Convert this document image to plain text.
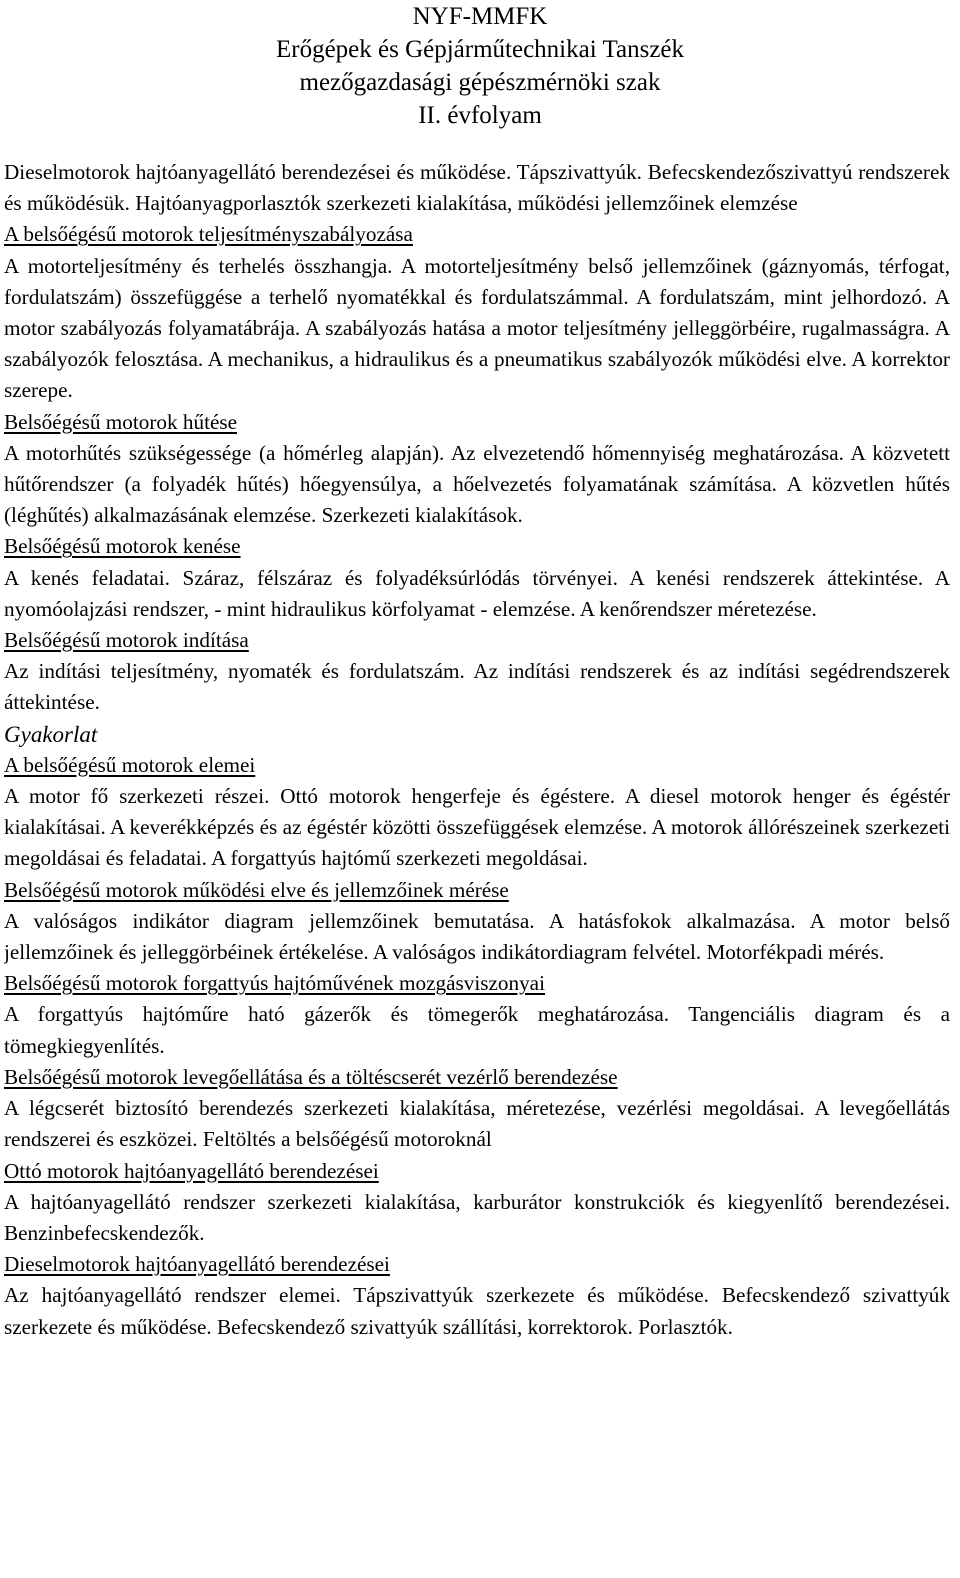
NYF-MMFK
Erőgépek és Gépjárműtechnikai Tanszék
mezőgazdasági gépészmérnöki szak
II. évfolyam
Dieselmotorok hajtóanyagellátó berendezései és működése. Tápszivattyúk. Befecskendezőszivattyú rendszerek és működésük. Hajtóanyagporlasztók szerkezeti kialakítása, működési jellemzőinek elemzése
A belsőégésű motorok teljesítményszabályozása
A motorteljesítmény és terhelés összhangja. A motorteljesítmény belső jellemzőinek (gáznyomás, térfogat, fordulatszám) összefüggése a terhelő nyomatékkal és fordulatszámmal. A fordulatszám, mint jelhordozó. A motor szabályozás folyamatábrája. A szabályozás hatása a motor teljesítmény jelleggörbéire, rugalmasságra. A szabályozók felosztása. A mechanikus, a hidraulikus és a pneumatikus szabályozók működési elve. A korrektor szerepe.
Belsőégésű motorok hűtése
A motorhűtés szükségessége (a hőmérleg alapján). Az elvezetendő hőmennyiség meghatározása. A közvetett hűtőrendszer (a folyadék hűtés) hőegyensúlya, a hőelvezetés folyamatának számítása. A közvetlen hűtés (léghűtés) alkalmazásának elemzése. Szerkezeti kialakítások.
Belsőégésű motorok kenése
A kenés feladatai. Száraz, félszáraz és folyadéksúrlódás törvényei. A kenési rendszerek áttekintése. A nyomóolajzási rendszer, - mint hidraulikus körfolyamat - elemzése. A kenőrendszer méretezése.
Belsőégésű motorok indítása
Az indítási teljesítmény, nyomaték és fordulatszám. Az indítási rendszerek és az indítási segédrendszerek áttekintése.
Gyakorlat
A belsőégésű motorok elemei
A motor fő szerkezeti részei. Ottó motorok hengerfeje és égéstere. A diesel motorok henger és égéstér kialakításai. A keverékképzés és az égéstér közötti összefüggések elemzése. A motorok állórészeinek szerkezeti megoldásai és feladatai. A forgattyús hajtómű szerkezeti megoldásai.
Belsőégésű motorok működési elve és jellemzőinek mérése
A valóságos indikátor diagram jellemzőinek bemutatása. A hatásfokok alkalmazása. A motor belső jellemzőinek és jelleggörbéinek értékelése. A valóságos indikátordiagram felvétel. Motorfékpadi mérés.
Belsőégésű motorok forgattyús hajtóművének mozgásviszonyai
A forgattyús hajtóműre ható gázerők és tömegerők meghatározása. Tangenciális diagram és a tömegkiegyenlítés.
Belsőégésű motorok levegőellátása és a töltéscserét vezérlő berendezése
A légcserét biztosító berendezés szerkezeti kialakítása, méretezése, vezérlési megoldásai. A levegőellátás rendszerei és eszközei. Feltöltés a belsőégésű motoroknál
Ottó motorok hajtóanyagellátó berendezései
A hajtóanyagellátó rendszer szerkezeti kialakítása, karburátor konstrukciók és kiegyenlítő berendezései. Benzinbefecskendezők.
Dieselmotorok hajtóanyagellátó berendezései
Az hajtóanyagellátó rendszer elemei. Tápszivattyúk szerkezete és működése. Befecskendező szivattyúk szerkezete és működése. Befecskendező szivattyúk szállítási, korrektorok. Porlasztók.
